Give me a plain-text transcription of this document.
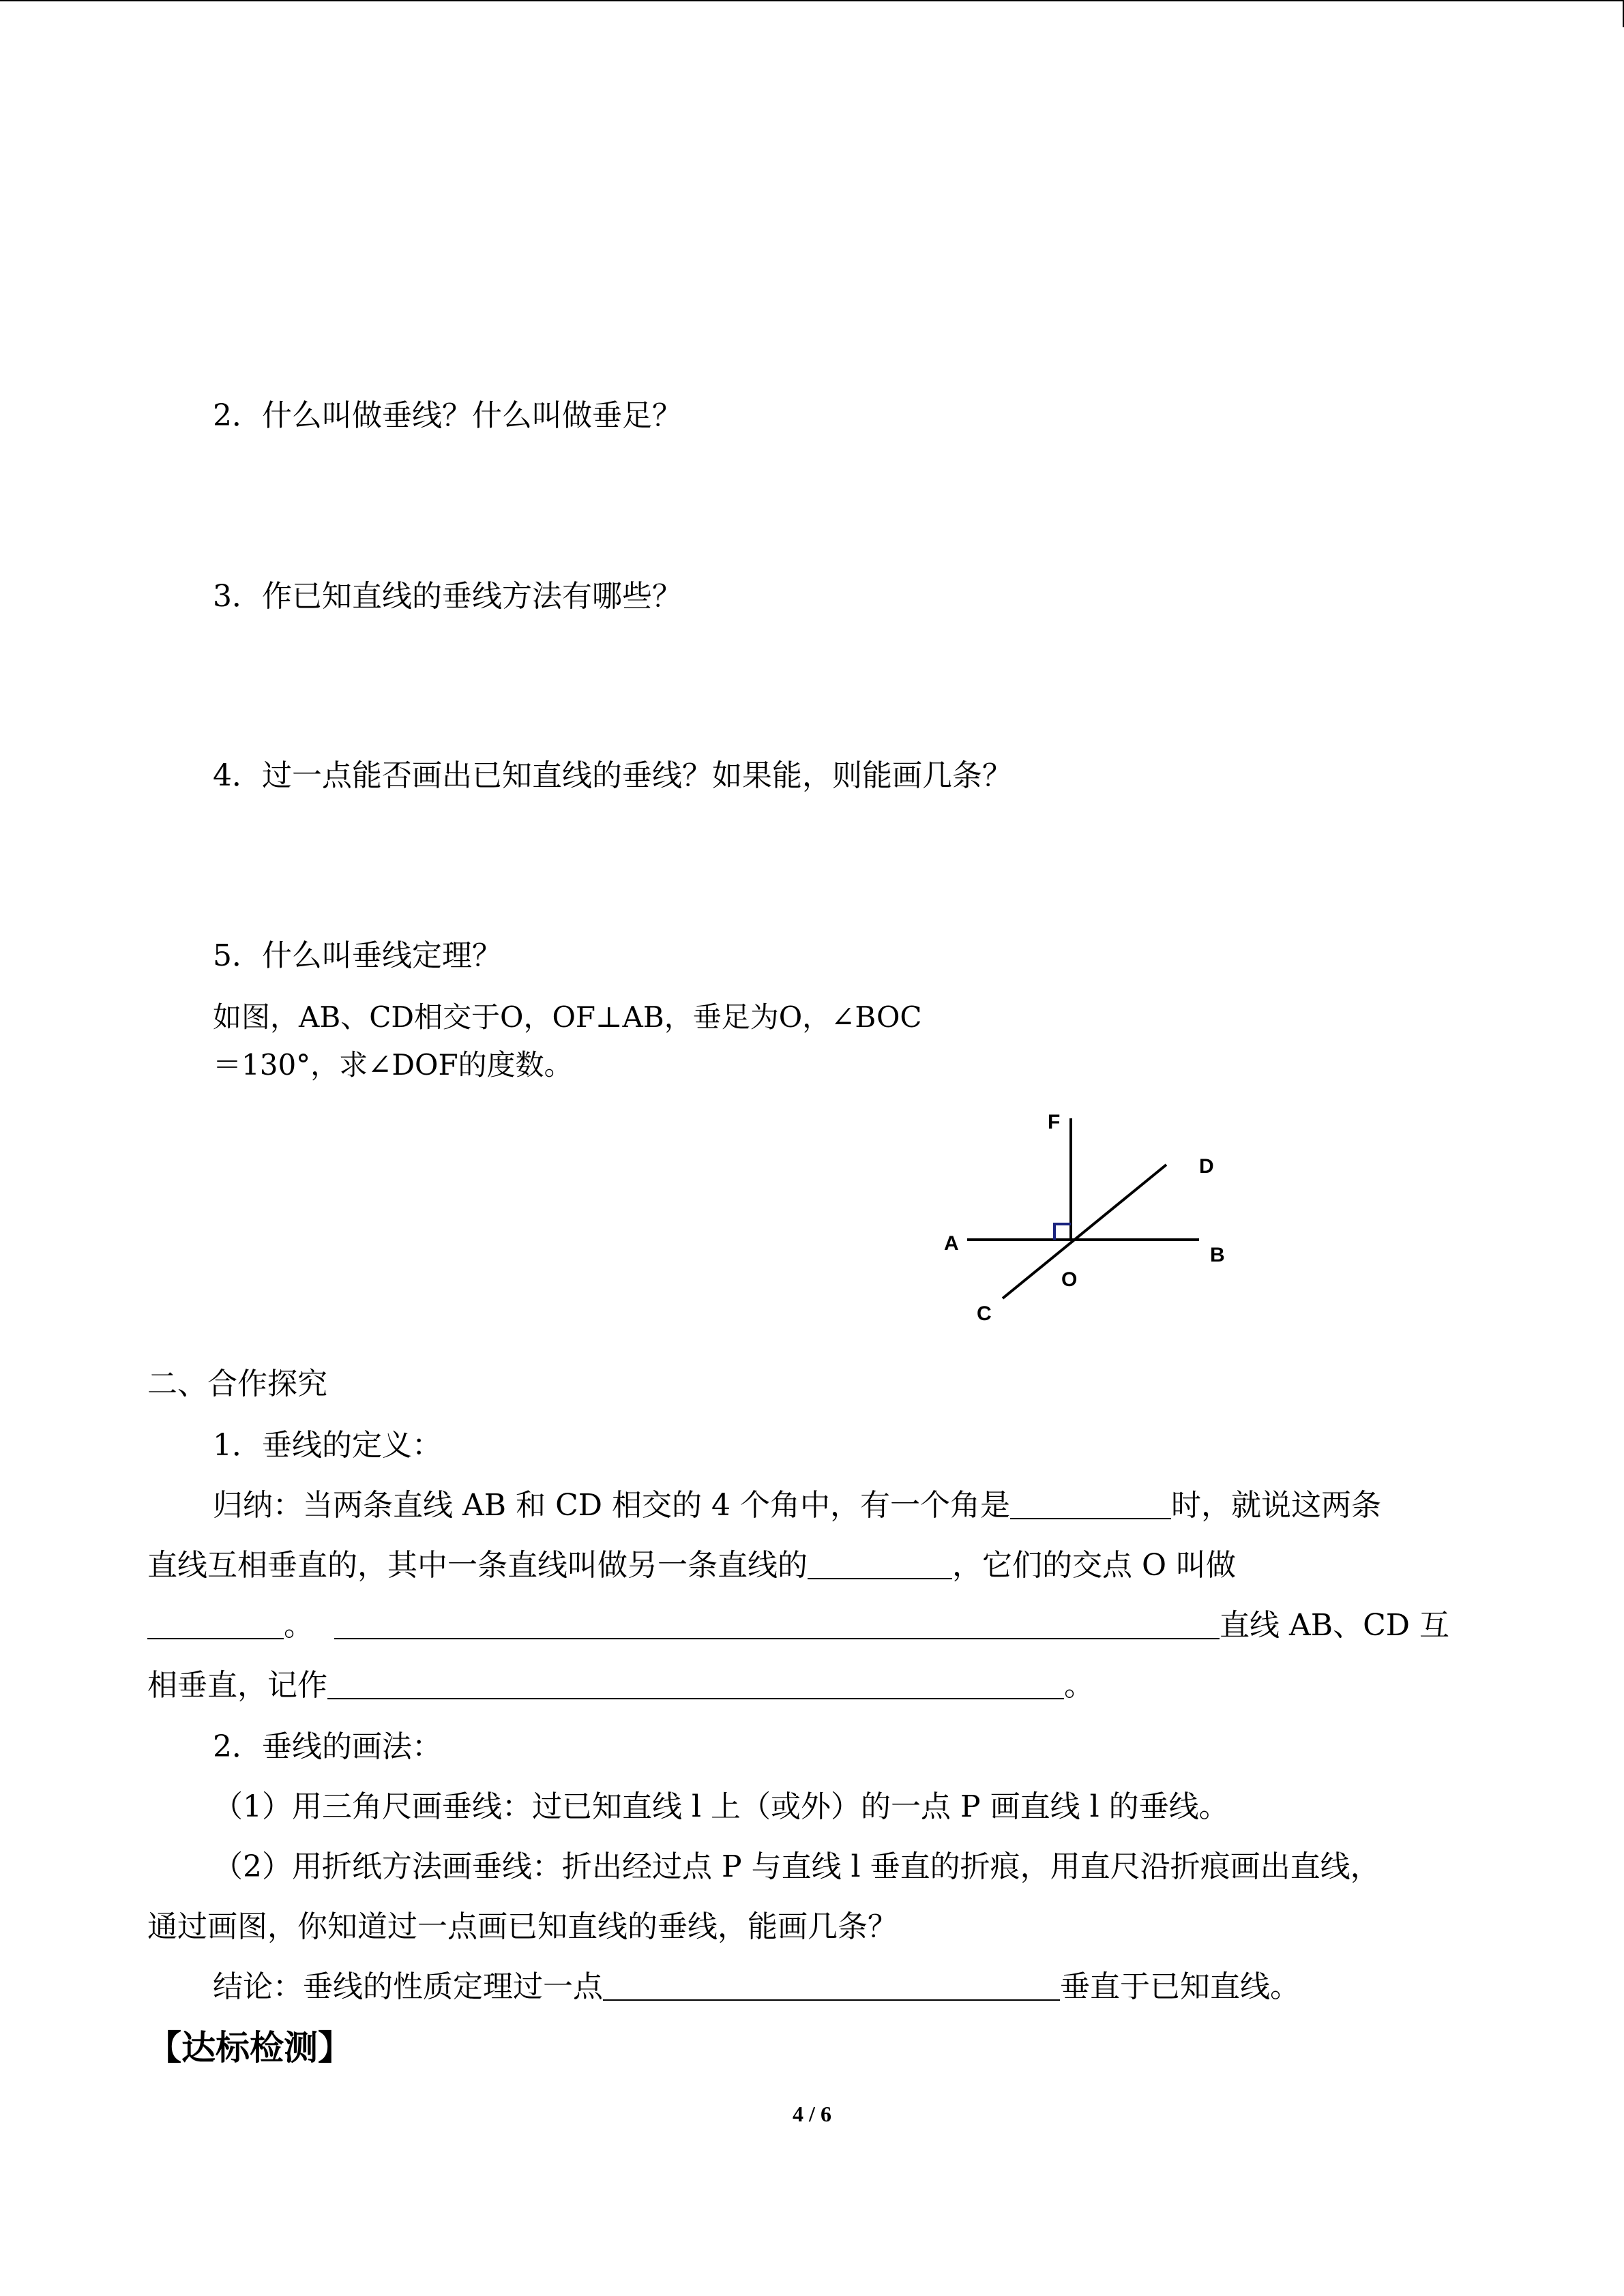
2．什么叫做垂线？什么叫做垂足？
3．作已知直线的垂线方法有哪些？
4．过一点能否画出已知直线的垂线？如果能，则能画几条？
5．什么叫垂线定理？
如图，AB、CD相交于O，OF⊥AB，垂足为O，∠BOC
＝130°，求∠DOF的度数。
F
D
A
B
O
C
二、合作探究
1．垂线的定义：
归纳：当两条直线 AB 和 CD 相交的 4 个角中，有一个角是	时，就说这两条
直线互相垂直的，其中一条直线叫做另一条直线的	，它们的交点 O 叫做
。	直线 AB、CD 互
相垂直，记作	。
2．垂线的画法：
（1）用三角尺画垂线：过已知直线 l 上（或外）的一点 P 画直线 l 的垂线。
（2）用折纸方法画垂线：折出经过点 P 与直线 l 垂直的折痕，用直尺沿折痕画出直线，
通过画图，你知道过一点画已知直线的垂线，能画几条？
结论：垂线的性质定理过一点	垂直于已知直线。
【达标检测】
4 / 6
